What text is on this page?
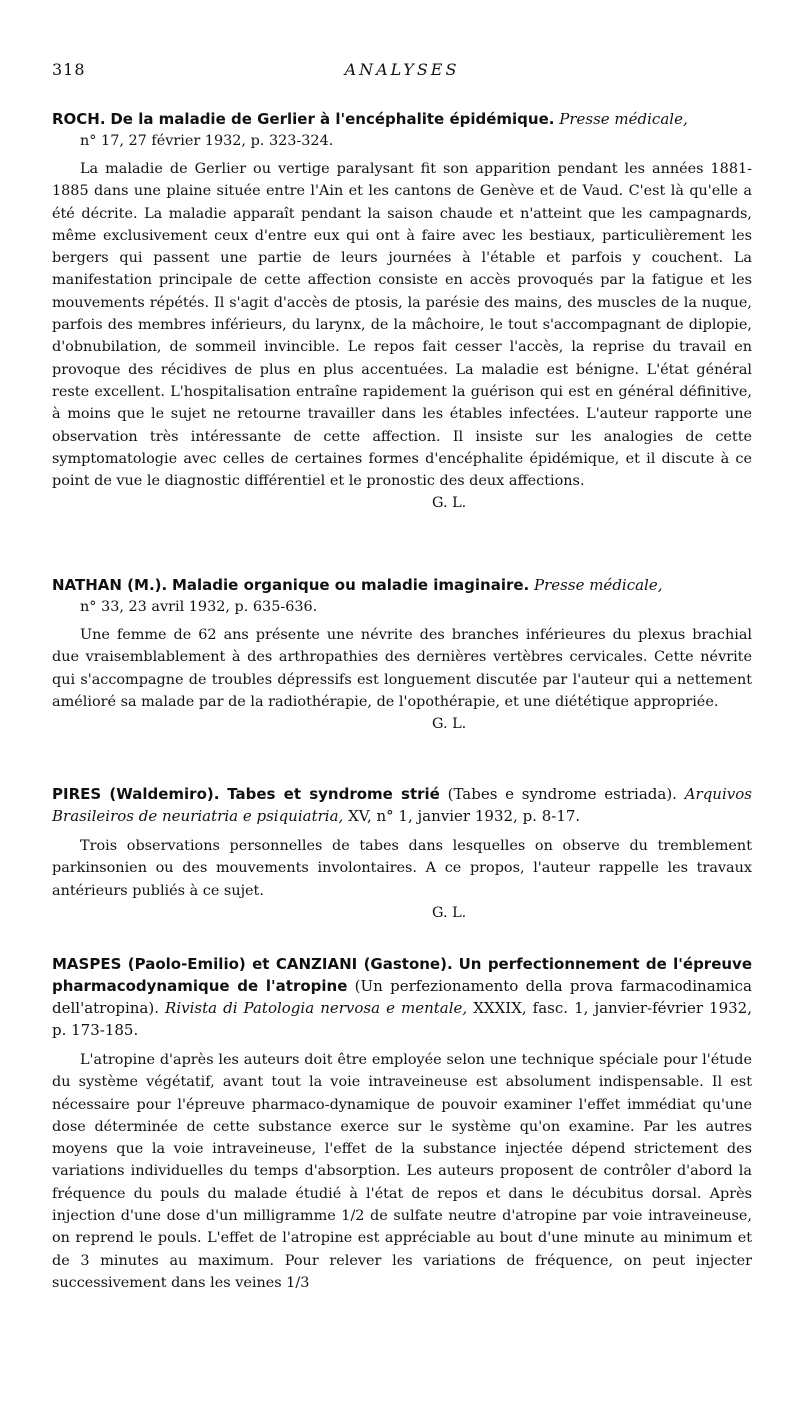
318	ANALYSES

ROCH. De la maladie de Gerlier à l'encéphalite épidémique. Presse médicale,

n° 17, 27 février 1932, p. 323-324.

La maladie de Gerlier ou vertige paralysant fit son apparition pendant les années 1881-1885 dans une plaine située entre l'Ain et les cantons de Genève et de Vaud. C'est là qu'elle a été décrite. La maladie apparaît pendant la saison chaude et n'atteint que les campagnards, même exclusivement ceux d'entre eux qui ont à faire avec les bestiaux, particulièrement les bergers qui passent une partie de leurs journées à l'étable et parfois y couchent. La manifestation principale de cette affection consiste en accès provoqués par la fatigue et les mouvements répétés. Il s'agit d'accès de ptosis, la parésie des mains, des muscles de la nuque, parfois des membres inférieurs, du larynx, de la mâchoire, le tout s'accompagnant de diplopie, d'obnubilation, de sommeil invincible. Le repos fait cesser l'accès, la reprise du travail en provoque des récidives de plus en plus accentuées. La maladie est bénigne. L'état général reste excellent. L'hospitalisation entraîne rapidement la guérison qui est en général définitive, à moins que le sujet ne retourne travailler dans les étables infectées. L'auteur rapporte une observation très intéressante de cette affection. Il insiste sur les analogies de cette symptomatologie avec celles de certaines formes d'encéphalite épidémique, et il discute à ce point de vue le diagnostic différentiel et le pronostic des deux affections.

G. L.

NATHAN (M.). Maladie organique ou maladie imaginaire. Presse médicale,

n° 33, 23 avril 1932, p. 635-636.

Une femme de 62 ans présente une névrite des branches inférieures du plexus brachial due vraisemblablement à des arthropathies des dernières vertèbres cervicales. Cette névrite qui s'accompagne de troubles dépressifs est longuement discutée par l'auteur qui a nettement amélioré sa malade par de la radiothérapie, de l'opothérapie, et une diététique appropriée.

G. L.

PIRES (Waldemiro). Tabes et syndrome strié (Tabes e syndrome estriada). Arquivos Brasileiros de neuriatria e psiquiatria, XV, n° 1, janvier 1932, p. 8-17.

Trois observations personnelles de tabes dans lesquelles on observe du tremblement parkinsonien ou des mouvements involontaires. A ce propos, l'auteur rappelle les travaux antérieurs publiés à ce sujet.

G. L.

MASPES (Paolo-Emilio) et CANZIANI (Gastone). Un perfectionnement de l'épreuve pharmacodynamique de l'atropine (Un perfezionamento della prova farmacodinamica dell'atropina). Rivista di Patologia nervosa e mentale, XXXIX, fasc. 1, janvier-février 1932, p. 173-185.

L'atropine d'après les auteurs doit être employée selon une technique spéciale pour l'étude du système végétatif, avant tout la voie intraveineuse est absolument indispensable. Il est nécessaire pour l'épreuve pharmaco-dynamique de pouvoir examiner l'effet immédiat qu'une dose déterminée de cette substance exerce sur le système qu'on examine. Par les autres moyens que la voie intraveineuse, l'effet de la substance injectée dépend strictement des variations individuelles du temps d'absorption. Les auteurs proposent de contrôler d'abord la fréquence du pouls du malade étudié à l'état de repos et dans le décubitus dorsal. Après injection d'une dose d'un milligramme 1/2 de sulfate neutre d'atropine par voie intraveineuse, on reprend le pouls. L'effet de l'atropine est appréciable au bout d'une minute au minimum et de 3 minutes au maximum. Pour relever les variations de fréquence, on peut injecter successivement dans les veines 1/3
